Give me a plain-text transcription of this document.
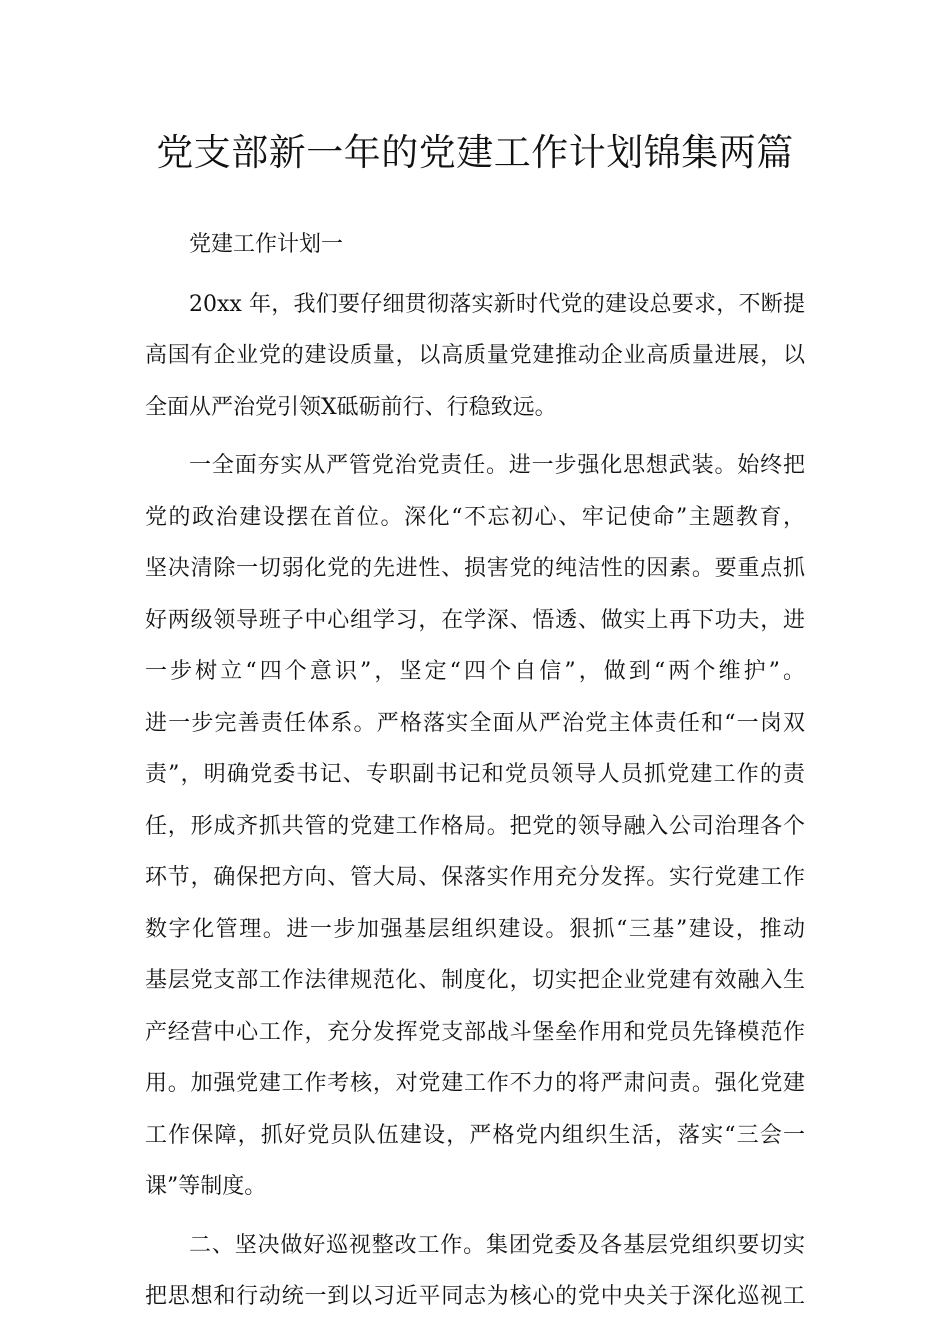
党支部新一年的党建工作计划锦集两篇

党建工作计划一

20xx 年，我们要仔细贯彻落实新时代党的建设总要求，不断提
高国有企业党的建设质量，以高质量党建推动企业高质量进展，以
全面从严治党引领X砥砺前行、行稳致远。

一全面夯实从严管党治党责任。进一步强化思想武装。始终把
党的政治建设摆在首位。深化“不忘初心、牢记使命”主题教育，
坚决清除一切弱化党的先进性、损害党的纯洁性的因素。要重点抓
好两级领导班子中心组学习，在学深、悟透、做实上再下功夫，进
一步树立“四个意识”，坚定“四个自信”，做到“两个维护”。
进一步完善责任体系。严格落实全面从严治党主体责任和“一岗双
责”，明确党委书记、专职副书记和党员领导人员抓党建工作的责
任，形成齐抓共管的党建工作格局。把党的领导融入公司治理各个
环节，确保把方向、管大局、保落实作用充分发挥。实行党建工作
数字化管理。进一步加强基层组织建设。狠抓“三基”建设，推动
基层党支部工作法律规范化、制度化，切实把企业党建有效融入生
产经营中心工作，充分发挥党支部战斗堡垒作用和党员先锋模范作
用。加强党建工作考核，对党建工作不力的将严肃问责。强化党建
工作保障，抓好党员队伍建设，严格党内组织生活，落实“三会一
课”等制度。

二、坚决做好巡视整改工作。集团党委及各基层党组织要切实
把思想和行动统一到以习近平同志为核心的党中央关于深化巡视工
